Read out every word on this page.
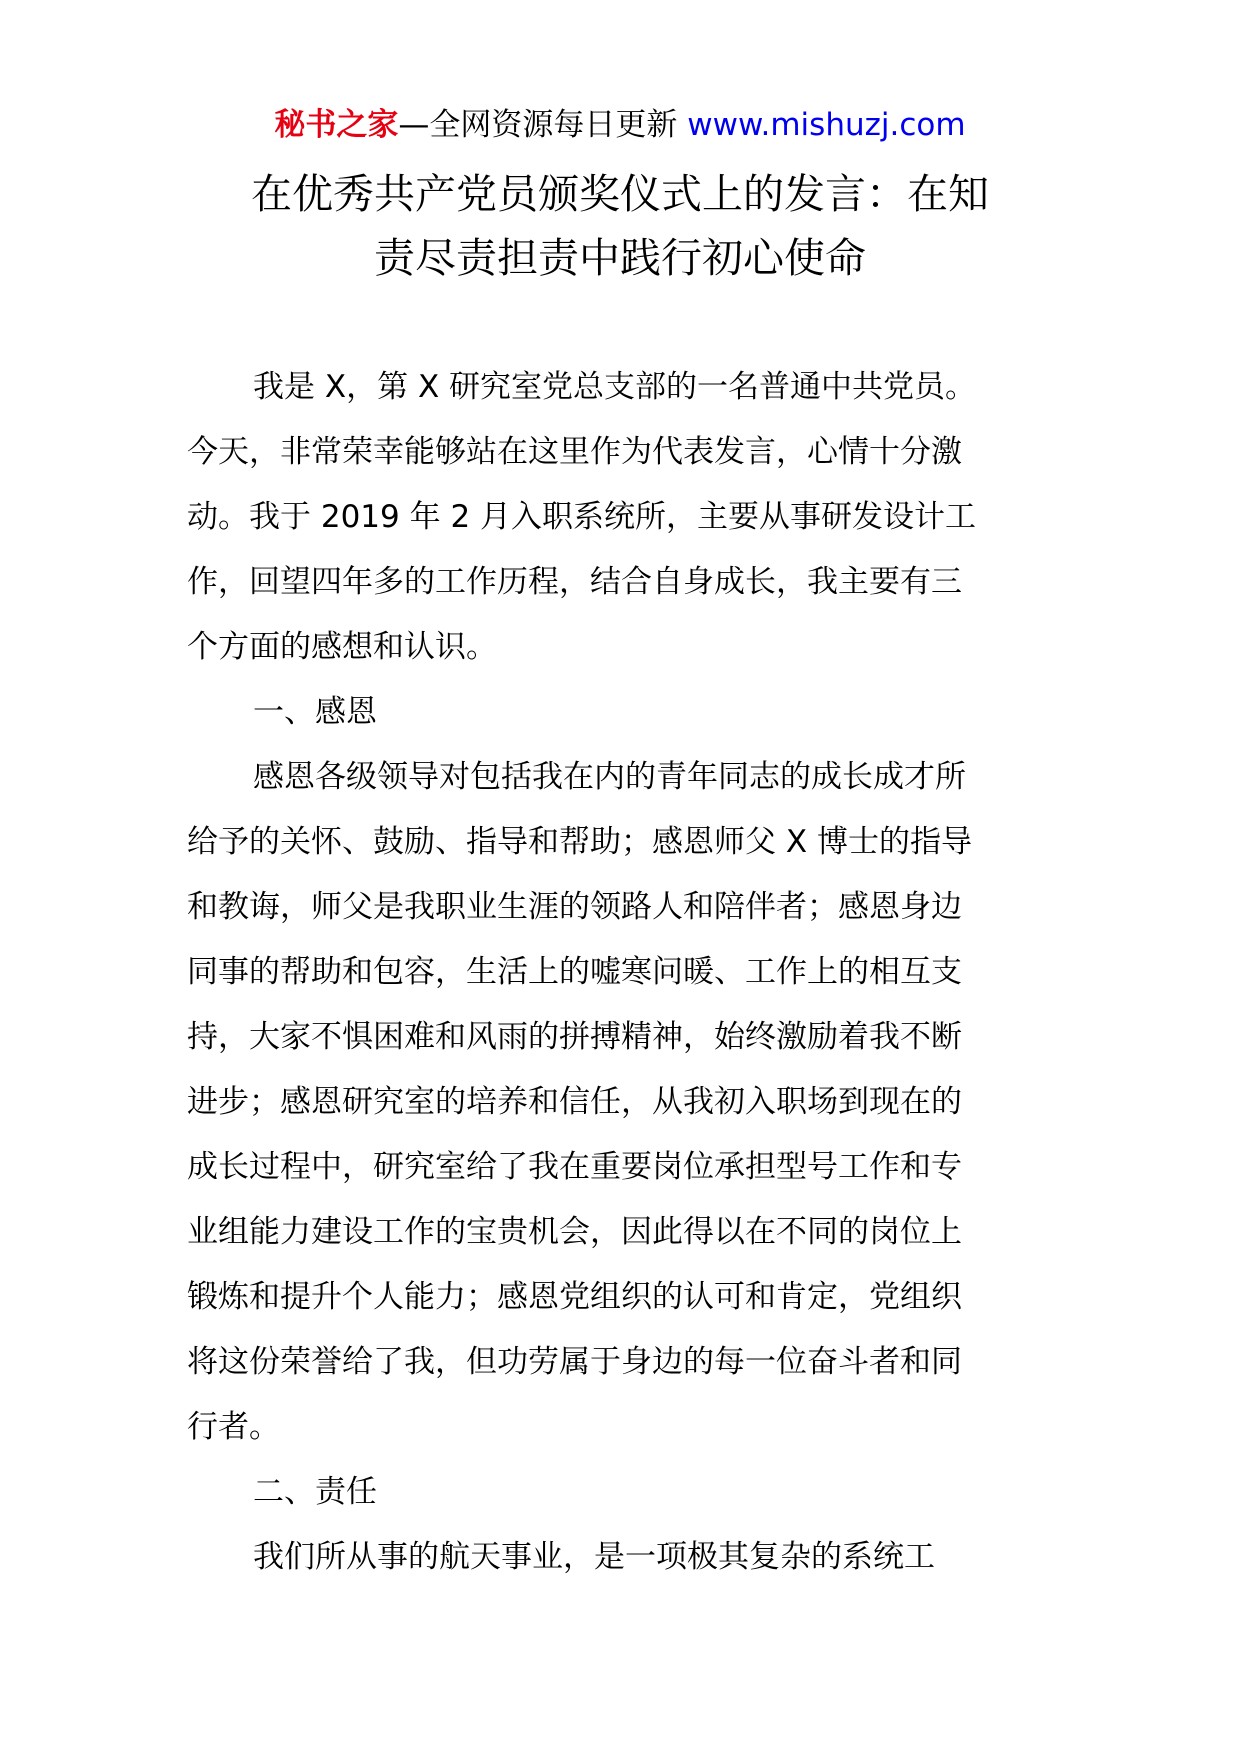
秘书之家—全网资源每日更新 www.mishuzj.com
在优秀共产党员颁奖仪式上的发言：在知
责尽责担责中践行初心使命
我是 X，第 X 研究室党总支部的一名普通中共党员。
今天，非常荣幸能够站在这里作为代表发言，心情十分激
动。我于 2019 年 2 月入职系统所，主要从事研发设计工
作，回望四年多的工作历程，结合自身成长，我主要有三
个方面的感想和认识。
一、感恩
感恩各级领导对包括我在内的青年同志的成长成才所
给予的关怀、鼓励、指导和帮助；感恩师父 X 博士的指导
和教诲，师父是我职业生涯的领路人和陪伴者；感恩身边
同事的帮助和包容，生活上的嘘寒问暖、工作上的相互支
持，大家不惧困难和风雨的拼搏精神，始终激励着我不断
进步；感恩研究室的培养和信任，从我初入职场到现在的
成长过程中，研究室给了我在重要岗位承担型号工作和专
业组能力建设工作的宝贵机会，因此得以在不同的岗位上
锻炼和提升个人能力；感恩党组织的认可和肯定，党组织
将这份荣誉给了我，但功劳属于身边的每一位奋斗者和同
行者。
二、责任
我们所从事的航天事业，是一项极其复杂的系统工
